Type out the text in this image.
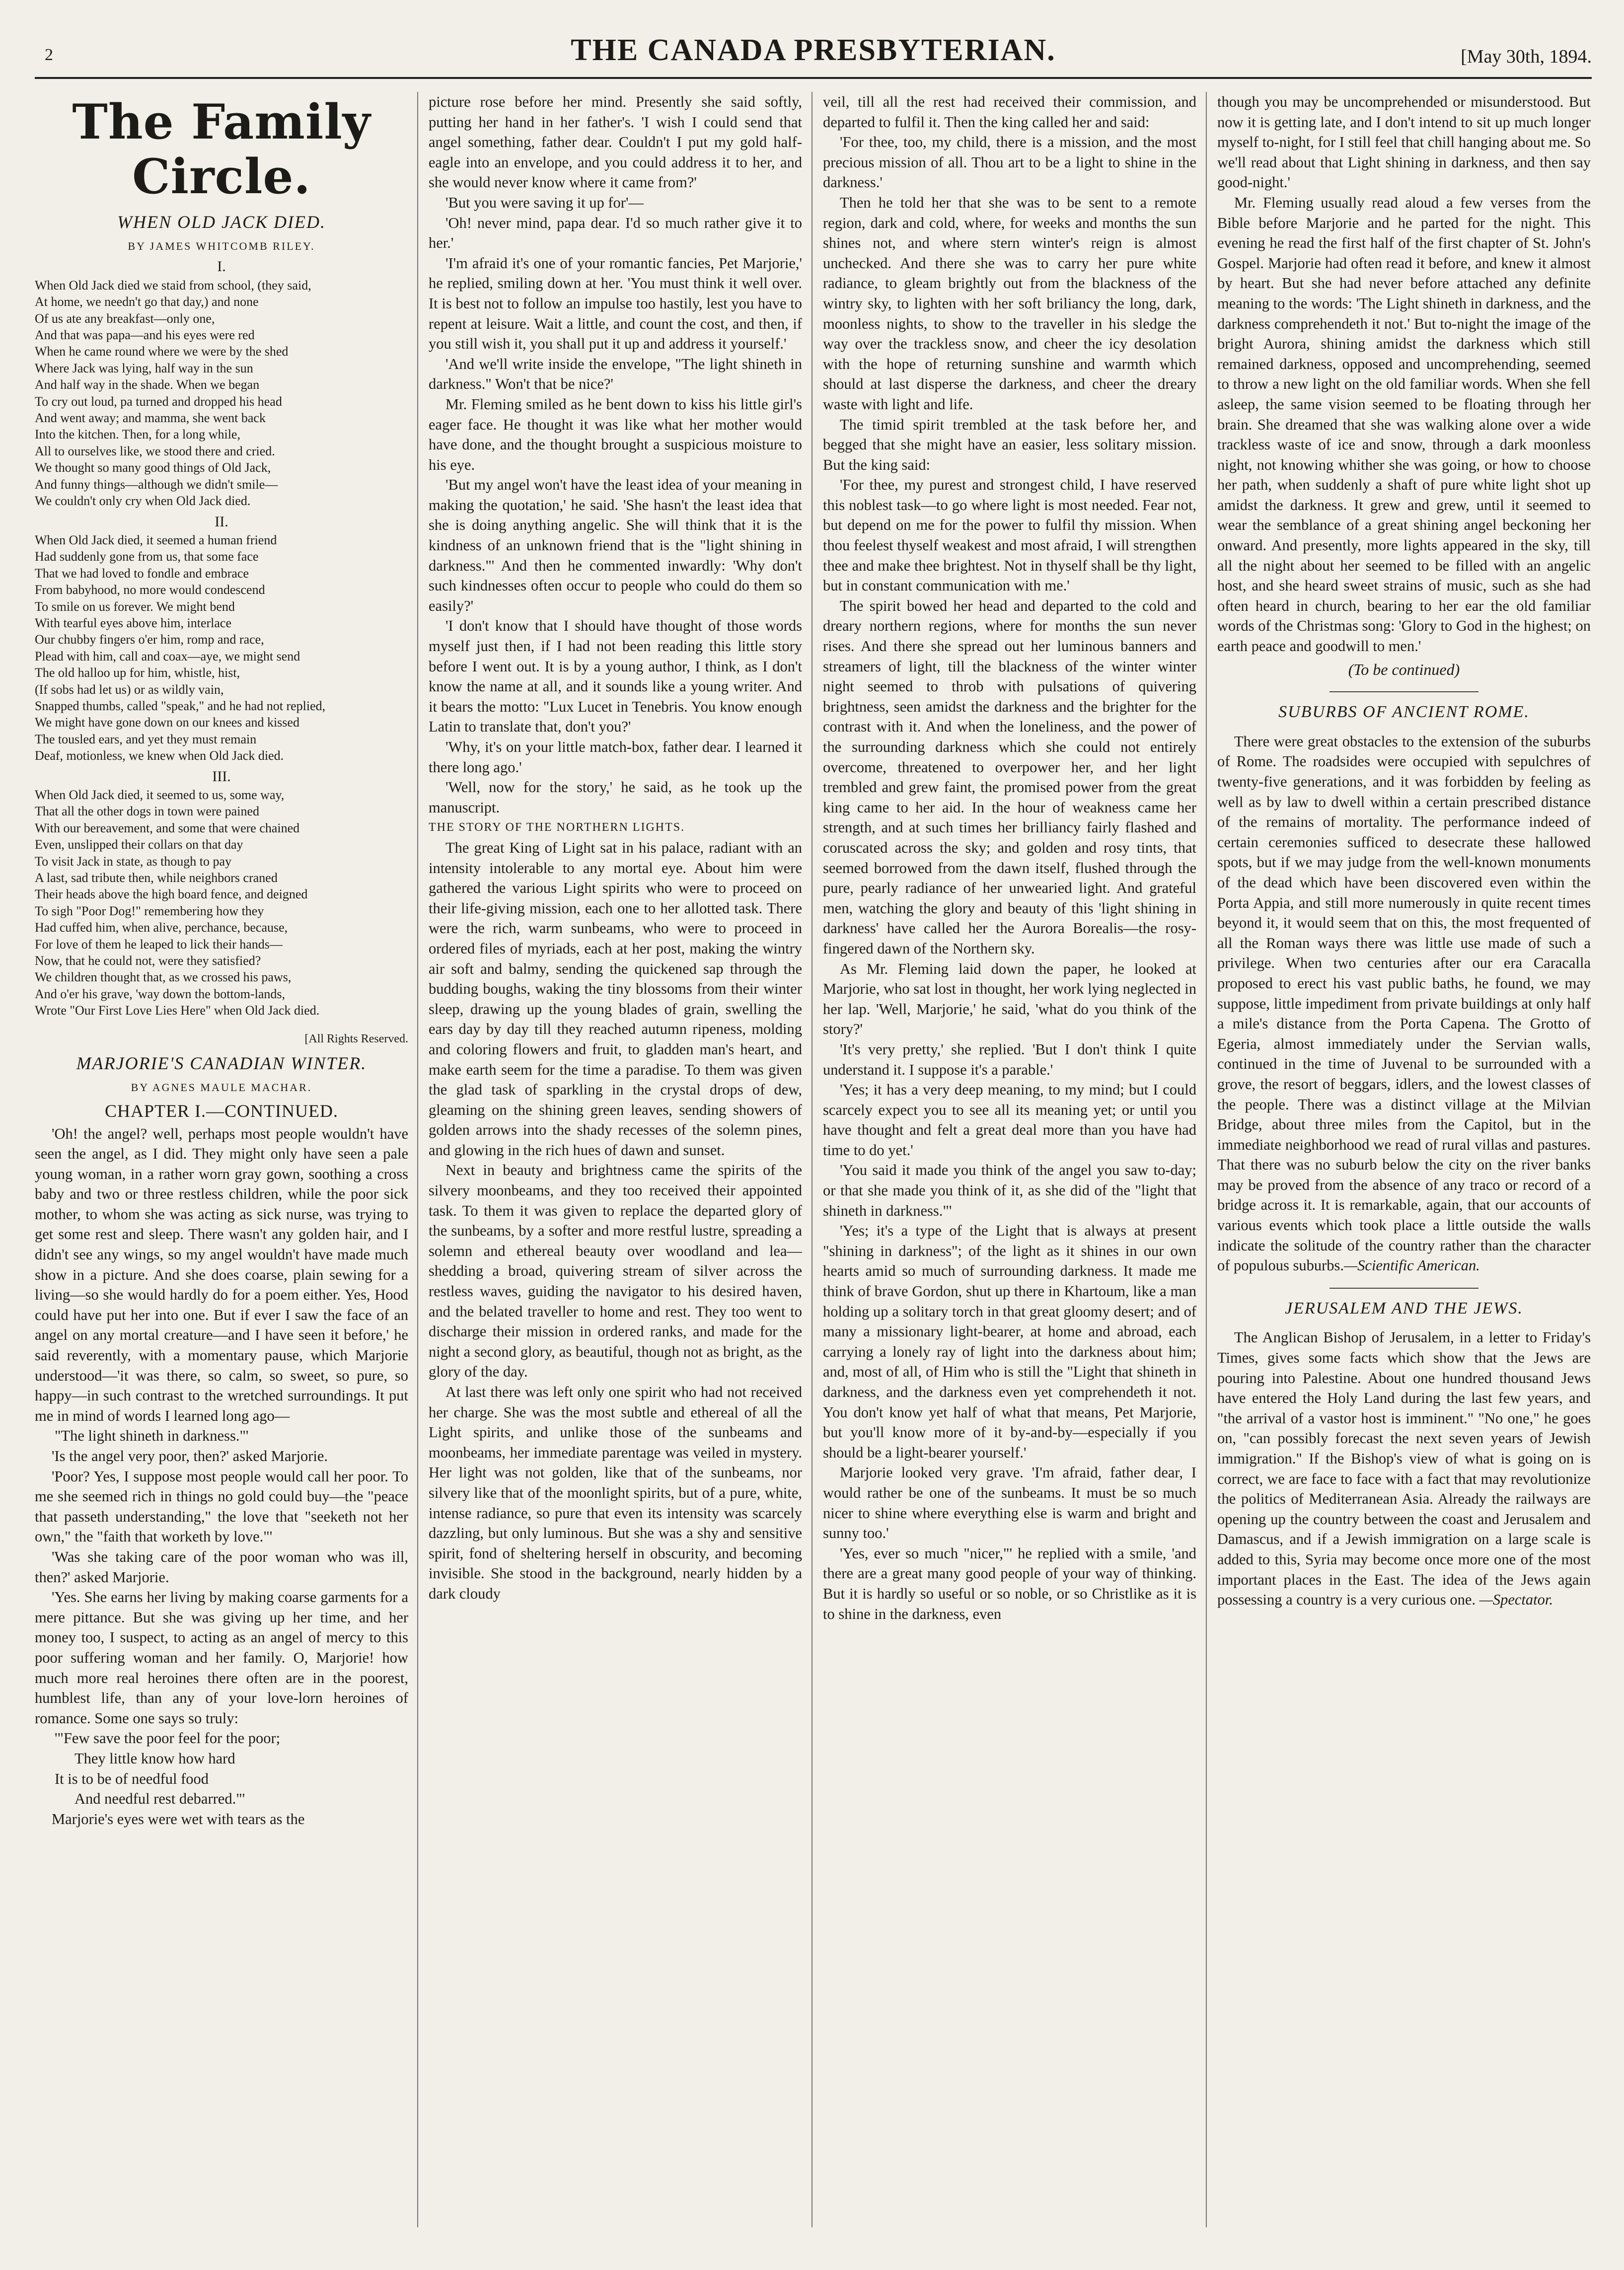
2	THE CANADA PRESBYTERIAN.	[May 30th, 1894.
The Family Circle.
WHEN OLD JACK DIED.
BY JAMES WHITCOMB RILEY.
I.

When Old Jack died we staid from school, (they said,

At home, we needn't go that day,) and none

Of us ate any breakfast—only one,

And that was papa—and his eyes were red

When he came round where we were by the shed

Where Jack was lying, half way in the sun

And half way in the shade. When we began

To cry out loud, pa turned and dropped his head

And went away; and mamma, she went back

Into the kitchen. Then, for a long while,

All to ourselves like, we stood there and cried.

We thought so many good things of Old Jack,

And funny things—although we didn't smile—

We couldn't only cry when Old Jack died.

II.

When Old Jack died, it seemed a human friend

Had suddenly gone from us, that some face

That we had loved to fondle and embrace

From babyhood, no more would condescend

To smile on us forever. We might bend

With tearful eyes above him, interlace

Our chubby fingers o'er him, romp and race,

Plead with him, call and coax—aye, we might send

The old halloo up for him, whistle, hist,

(If sobs had let us) or as wildly vain,

Snapped thumbs, called "speak," and he had not replied,

We might have gone down on our knees and kissed

The tousled ears, and yet they must remain

Deaf, motionless, we knew when Old Jack died.

III.

When Old Jack died, it seemed to us, some way,

That all the other dogs in town were pained

With our bereavement, and some that were chained

Even, unslipped their collars on that day

To visit Jack in state, as though to pay

A last, sad tribute then, while neighbors craned

Their heads above the high board fence, and deigned

To sigh "Poor Dog!" remembering how they

Had cuffed him, when alive, perchance, because,

For love of them he leaped to lick their hands—

Now, that he could not, were they satisfied?

We children thought that, as we crossed his paws,

And o'er his grave, 'way down the bottom-lands,

Wrote "Our First Love Lies Here" when Old Jack died.

[All Rights Reserved.
MARJORIE'S CANADIAN WINTER.
BY AGNES MAULE MACHAR.
CHAPTER I.—CONTINUED.

'Oh! the angel? well, perhaps most people wouldn't have seen the angel, as I did. They might only have seen a pale young woman, in a rather worn gray gown, soothing a cross baby and two or three restless children, while the poor sick mother, to whom she was acting as sick nurse, was trying to get some rest and sleep. There wasn't any golden hair, and I didn't see any wings, so my angel wouldn't have made much show in a picture. And she does coarse, plain sewing for a living—so she would hardly do for a poem either. Yes, Hood could have put her into one. But if ever I saw the face of an angel on any mortal creature—and I have seen it before,' he said reverently, with a momentary pause, which Marjorie understood—'it was there, so calm, so sweet, so pure, so happy—in such contrast to the wretched surroundings. It put me in mind of words I learned long ago—

"The light shineth in darkness."'

'Is the angel very poor, then?' asked Marjorie.

'Poor? Yes, I suppose most people would call her poor. To me she seemed rich in things no gold could buy—the "peace that passeth understanding," the love that "seeketh not her own," the "faith that worketh by love."'

'Was she taking care of the poor woman who was ill, then?' asked Marjorie.

'Yes. She earns her living by making coarse garments for a mere pittance. But she was giving up her time, and her money too, I suspect, to acting as an angel of mercy to this poor suffering woman and her family. O, Marjorie! how much more real heroines there often are in the poorest, humblest life, than any of your love-lorn heroines of romance. Some one says so truly:

'"Few save the poor feel for the poor;

They little know how hard

It is to be of needful food

And needful rest debarred."'

Marjorie's eyes were wet with tears as the

picture rose before her mind. Presently she said softly, putting her hand in her father's. 'I wish I could send that angel something, father dear. Couldn't I put my gold half-eagle into an envelope, and you could address it to her, and she would never know where it came from?'

'But you were saving it up for'—

'Oh! never mind, papa dear. I'd so much rather give it to her.'

'I'm afraid it's one of your romantic fancies, Pet Marjorie,' he replied, smiling down at her. 'You must think it well over. It is best not to follow an impulse too hastily, lest you have to repent at leisure. Wait a little, and count the cost, and then, if you still wish it, you shall put it up and address it yourself.'

'And we'll write inside the envelope, "The light shineth in darkness." Won't that be nice?'

Mr. Fleming smiled as he bent down to kiss his little girl's eager face. He thought it was like what her mother would have done, and the thought brought a suspicious moisture to his eye.

'But my angel won't have the least idea of your meaning in making the quotation,' he said. 'She hasn't the least idea that she is doing anything angelic. She will think that it is the kindness of an unknown friend that is the "light shining in darkness."' And then he commented inwardly: 'Why don't such kindnesses often occur to people who could do them so easily?'

'I don't know that I should have thought of those words myself just then, if I had not been reading this little story before I went out. It is by a young author, I think, as I don't know the name at all, and it sounds like a young writer. And it bears the motto: "Lux Lucet in Tenebris. You know enough Latin to translate that, don't you?'

'Why, it's on your little match-box, father dear. I learned it there long ago.'

'Well, now for the story,' he said, as he took up the manuscript.

THE STORY OF THE NORTHERN LIGHTS.

The great King of Light sat in his palace, radiant with an intensity intolerable to any mortal eye. About him were gathered the various Light spirits who were to proceed on their life-giving mission, each one to her allotted task. There were the rich, warm sunbeams, who were to proceed in ordered files of myriads, each at her post, making the wintry air soft and balmy, sending the quickened sap through the budding boughs, waking the tiny blossoms from their winter sleep, drawing up the young blades of grain, swelling the ears day by day till they reached autumn ripeness, molding and coloring flowers and fruit, to gladden man's heart, and make earth seem for the time a paradise. To them was given the glad task of sparkling in the crystal drops of dew, gleaming on the shining green leaves, sending showers of golden arrows into the shady recesses of the solemn pines, and glowing in the rich hues of dawn and sunset.

Next in beauty and brightness came the spirits of the silvery moonbeams, and they too received their appointed task. To them it was given to replace the departed glory of the sunbeams, by a softer and more restful lustre, spreading a solemn and ethereal beauty over woodland and lea—shedding a broad, quivering stream of silver across the restless waves, guiding the navigator to his desired haven, and the belated traveller to home and rest. They too went to discharge their mission in ordered ranks, and made for the night a second glory, as beautiful, though not as bright, as the glory of the day.

At last there was left only one spirit who had not received her charge. She was the most subtle and ethereal of all the Light spirits, and unlike those of the sunbeams and moonbeams, her immediate parentage was veiled in mystery. Her light was not golden, like that of the sunbeams, nor silvery like that of the moonlight spirits, but of a pure, white, intense radiance, so pure that even its intensity was scarcely dazzling, but only luminous. But she was a shy and sensitive spirit, fond of sheltering herself in obscurity, and becoming invisible. She stood in the background, nearly hidden by a dark cloudy

veil, till all the rest had received their commission, and departed to fulfil it. Then the king called her and said:

'For thee, too, my child, there is a mission, and the most precious mission of all. Thou art to be a light to shine in the darkness.'

Then he told her that she was to be sent to a remote region, dark and cold, where, for weeks and months the sun shines not, and where stern winter's reign is almost unchecked. And there she was to carry her pure white radiance, to gleam brightly out from the blackness of the wintry sky, to lighten with her soft briliancy the long, dark, moonless nights, to show to the traveller in his sledge the way over the trackless snow, and cheer the icy desolation with the hope of returning sunshine and warmth which should at last disperse the darkness, and cheer the dreary waste with light and life.

The timid spirit trembled at the task before her, and begged that she might have an easier, less solitary mission. But the king said:

'For thee, my purest and strongest child, I have reserved this noblest task—to go where light is most needed. Fear not, but depend on me for the power to fulfil thy mission. When thou feelest thyself weakest and most afraid, I will strengthen thee and make thee brightest. Not in thyself shall be thy light, but in constant communication with me.'

The spirit bowed her head and departed to the cold and dreary northern regions, where for months the sun never rises. And there she spread out her luminous banners and streamers of light, till the blackness of the winter winter night seemed to throb with pulsations of quivering brightness, seen amidst the darkness and the brighter for the contrast with it. And when the loneliness, and the power of the surrounding darkness which she could not entirely overcome, threatened to overpower her, and her light trembled and grew faint, the promised power from the great king came to her aid. In the hour of weakness came her strength, and at such times her brilliancy fairly flashed and coruscated across the sky; and golden and rosy tints, that seemed borrowed from the dawn itself, flushed through the pure, pearly radiance of her unwearied light. And grateful men, watching the glory and beauty of this 'light shining in darkness' have called her the Aurora Borealis—the rosy-fingered dawn of the Northern sky.

As Mr. Fleming laid down the paper, he looked at Marjorie, who sat lost in thought, her work lying neglected in her lap. 'Well, Marjorie,' he said, 'what do you think of the story?'

'It's very pretty,' she replied. 'But I don't think I quite understand it. I suppose it's a parable.'

'Yes; it has a very deep meaning, to my mind; but I could scarcely expect you to see all its meaning yet; or until you have thought and felt a great deal more than you have had time to do yet.'

'You said it made you think of the angel you saw to-day; or that she made you think of it, as she did of the "light that shineth in darkness."'

'Yes; it's a type of the Light that is always at present "shining in darkness"; of the light as it shines in our own hearts amid so much of surrounding darkness. It made me think of brave Gordon, shut up there in Khartoum, like a man holding up a solitary torch in that great gloomy desert; and of many a missionary light-bearer, at home and abroad, each carrying a lonely ray of light into the darkness about him; and, most of all, of Him who is still the "Light that shineth in darkness, and the darkness even yet comprehendeth it not. You don't know yet half of what that means, Pet Marjorie, but you'll know more of it by-and-by—especially if you should be a light-bearer yourself.'

Marjorie looked very grave. 'I'm afraid, father dear, I would rather be one of the sunbeams. It must be so much nicer to shine where everything else is warm and bright and sunny too.'

'Yes, ever so much "nicer,"' he replied with a smile, 'and there are a great many good people of your way of thinking. But it is hardly so useful or so noble, or so Christlike as it is to shine in the darkness, even

though you may be uncomprehended or misunderstood. But now it is getting late, and I don't intend to sit up much longer myself to-night, for I still feel that chill hanging about me. So we'll read about that Light shining in darkness, and then say good-night.'

Mr. Fleming usually read aloud a few verses from the Bible before Marjorie and he parted for the night. This evening he read the first half of the first chapter of St. John's Gospel. Marjorie had often read it before, and knew it almost by heart. But she had never before attached any definite meaning to the words: 'The Light shineth in darkness, and the darkness comprehendeth it not.' But to-night the image of the bright Aurora, shining amidst the darkness which still remained darkness, opposed and uncomprehending, seemed to throw a new light on the old familiar words. When she fell asleep, the same vision seemed to be floating through her brain. She dreamed that she was walking alone over a wide trackless waste of ice and snow, through a dark moonless night, not knowing whither she was going, or how to choose her path, when suddenly a shaft of pure white light shot up amidst the darkness. It grew and grew, until it seemed to wear the semblance of a great shining angel beckoning her onward. And presently, more lights appeared in the sky, till all the night about her seemed to be filled with an angelic host, and she heard sweet strains of music, such as she had often heard in church, bearing to her ear the old familiar words of the Christmas song: 'Glory to God in the highest; on earth peace and goodwill to men.'

(To be continued)
SUBURBS OF ANCIENT ROME.

There were great obstacles to the extension of the suburbs of Rome. The roadsides were occupied with sepulchres of twenty-five generations, and it was forbidden by feeling as well as by law to dwell within a certain prescribed distance of the remains of mortality. The performance indeed of certain ceremonies sufficed to desecrate these hallowed spots, but if we may judge from the well-known monuments of the dead which have been discovered even within the Porta Appia, and still more numerously in quite recent times beyond it, it would seem that on this, the most frequented of all the Roman ways there was little use made of such a privilege. When two centuries after our era Caracalla proposed to erect his vast public baths, he found, we may suppose, little impediment from private buildings at only half a mile's distance from the Porta Capena. The Grotto of Egeria, almost immediately under the Servian walls, continued in the time of Juvenal to be surrounded with a grove, the resort of beggars, idlers, and the lowest classes of the people. There was a distinct village at the Milvian Bridge, about three miles from the Capitol, but in the immediate neighborhood we read of rural villas and pastures. That there was no suburb below the city on the river banks may be proved from the absence of any traco or record of a bridge across it. It is remarkable, again, that our accounts of various events which took place a little outside the walls indicate the solitude of the country rather than the character of populous suburbs.—Scientific American.

JERUSALEM AND THE JEWS.

The Anglican Bishop of Jerusalem, in a letter to Friday's Times, gives some facts which show that the Jews are pouring into Palestine. About one hundred thousand Jews have entered the Holy Land during the last few years, and "the arrival of a vastor host is imminent." "No one," he goes on, "can possibly forecast the next seven years of Jewish immigration." If the Bishop's view of what is going on is correct, we are face to face with a fact that may revolutionize the politics of Mediterranean Asia. Already the railways are opening up the country between the coast and Jerusalem and Damascus, and if a Jewish immigration on a large scale is added to this, Syria may become once more one of the most important places in the East. The idea of the Jews again possessing a country is a very curious one. —Spectator.
